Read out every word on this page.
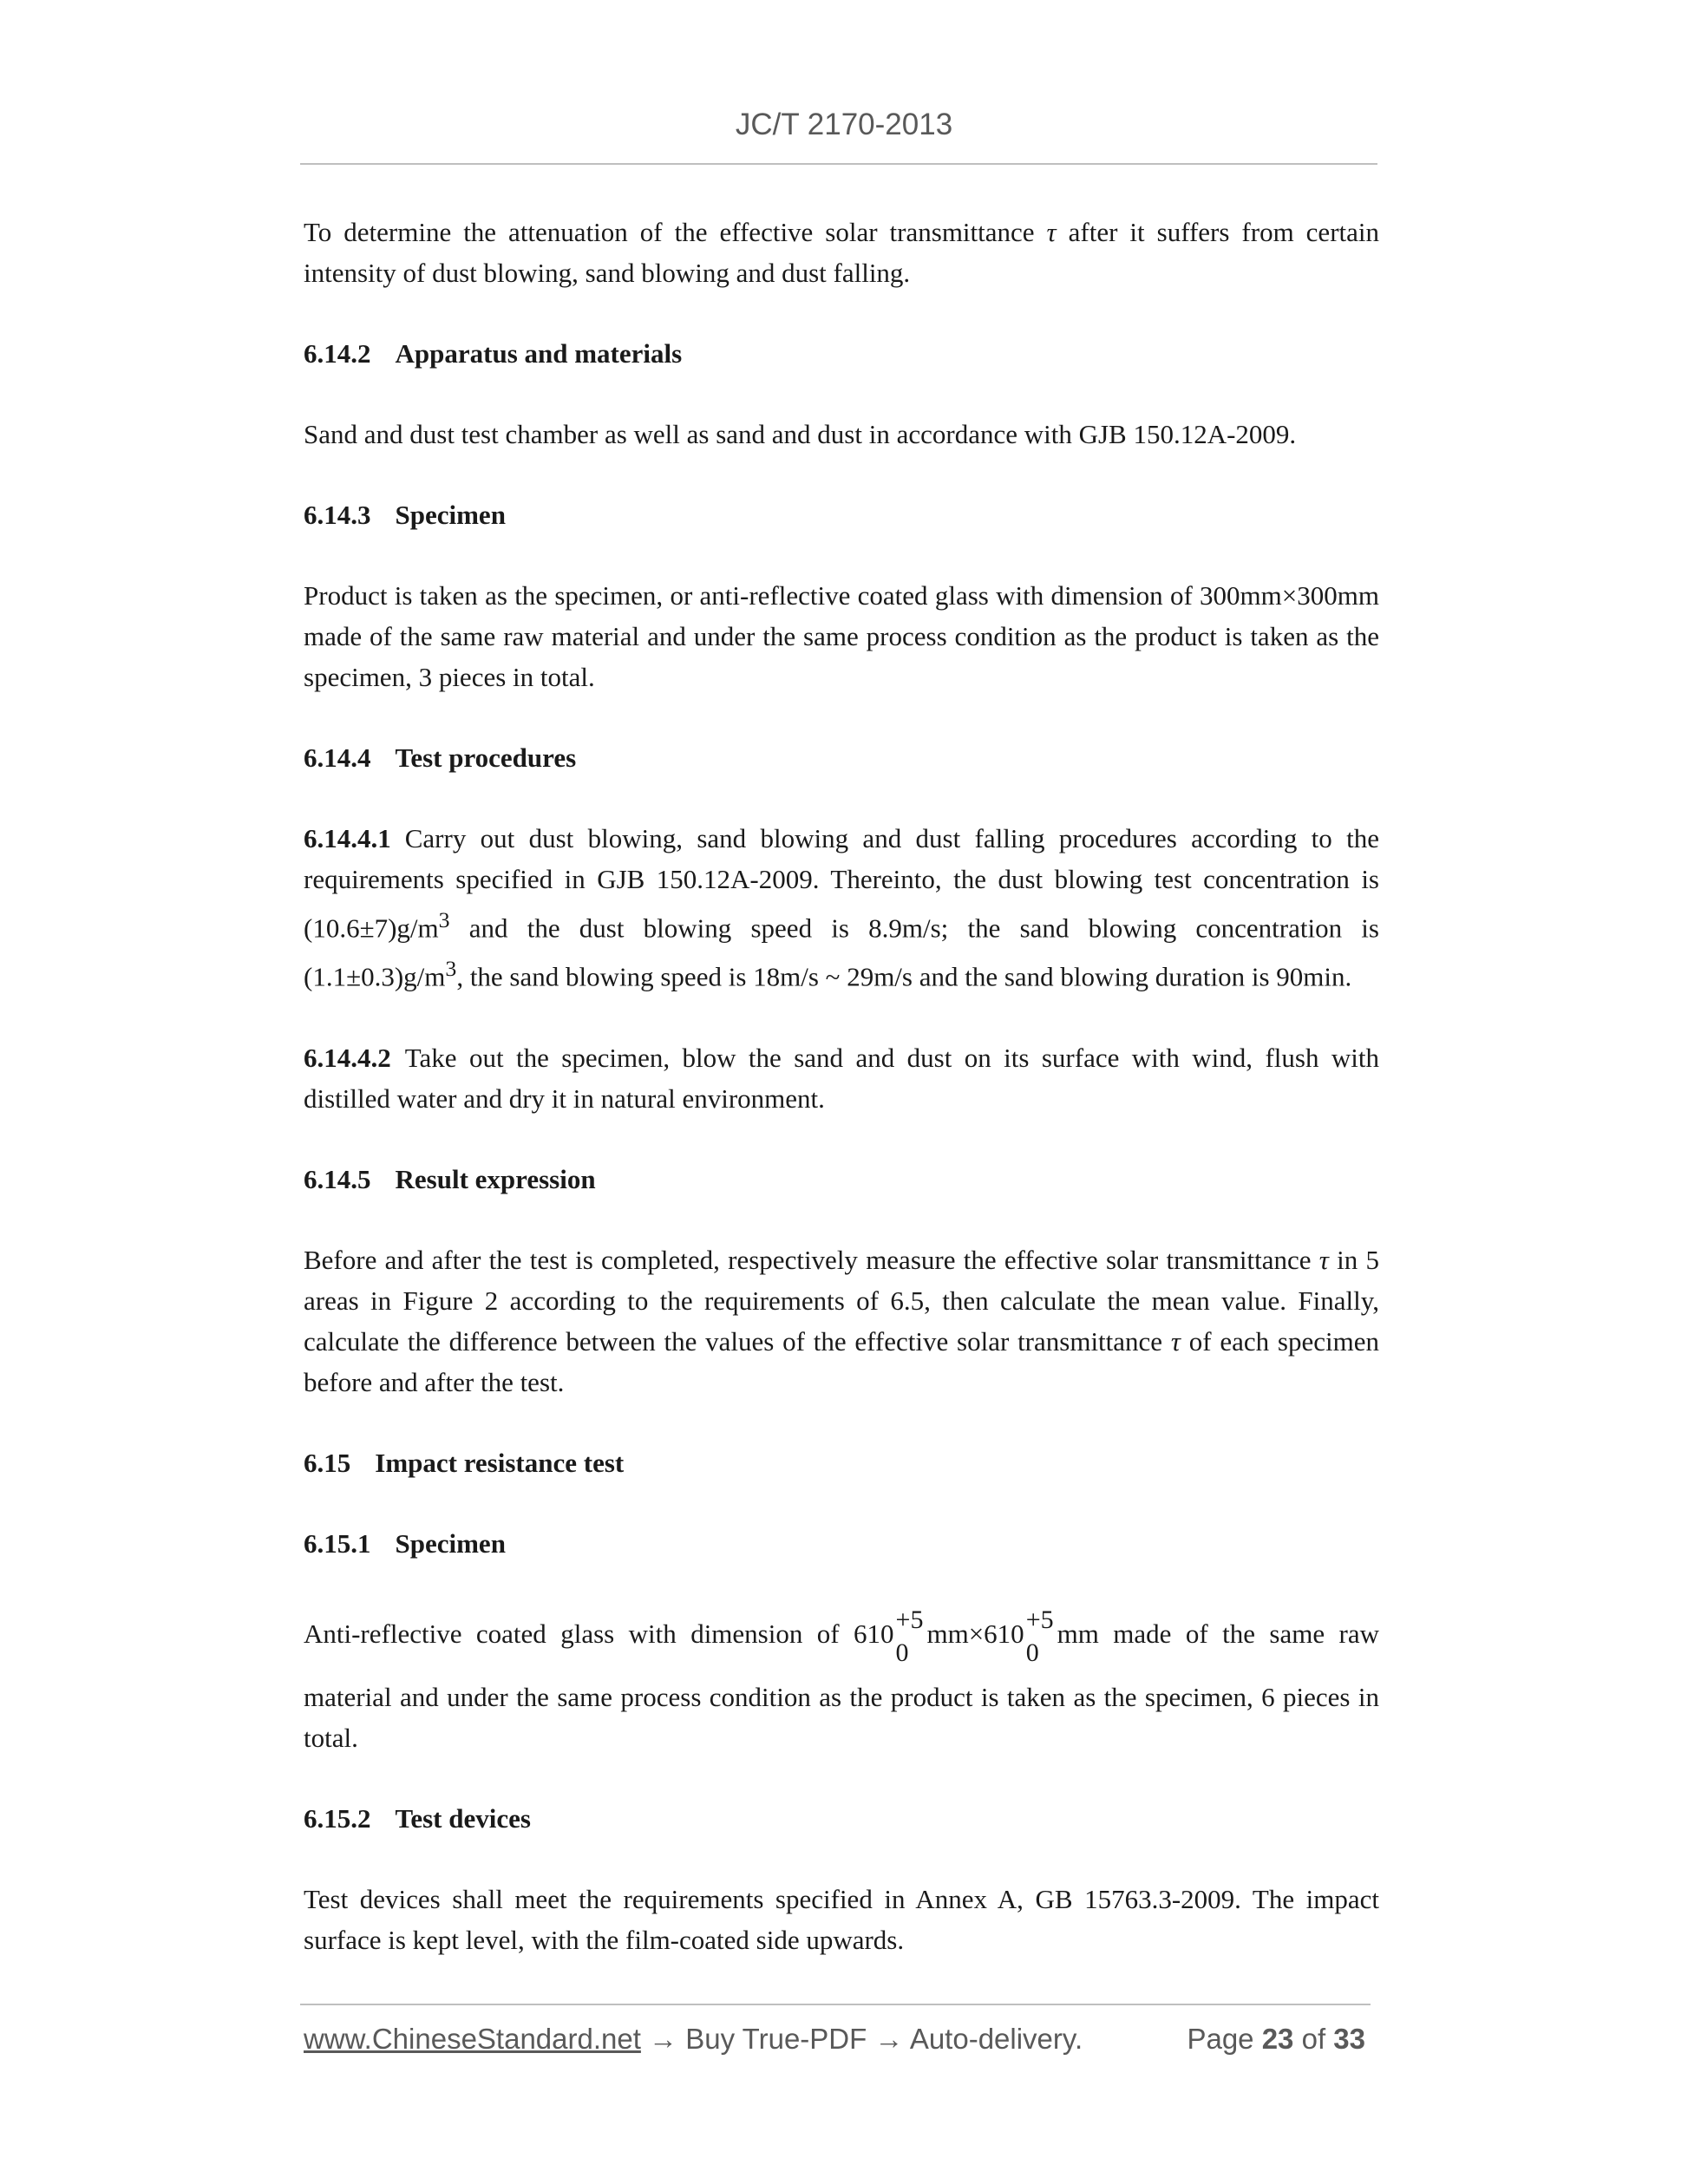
JC/T 2170-2013

To determine the attenuation of the effective solar transmittance τ after it suffers from certain intensity of dust blowing, sand blowing and dust falling.

6.14.2 Apparatus and materials

Sand and dust test chamber as well as sand and dust in accordance with GJB 150.12A-2009.

6.14.3 Specimen

Product is taken as the specimen, or anti-reflective coated glass with dimension of 300mm×300mm made of the same raw material and under the same process condition as the product is taken as the specimen, 3 pieces in total.

6.14.4 Test procedures

6.14.4.1 Carry out dust blowing, sand blowing and dust falling procedures according to the requirements specified in GJB 150.12A-2009. Thereinto, the dust blowing test concentration is $(10.6\pm 7)g/m^3$ and the dust blowing speed is 8.9m/s; the sand blowing concentration is $(1.1\pm 0.3)g/m^3$, the sand blowing speed is 18m/s ~ 29m/s and the sand blowing duration is 90min.

6.14.4.2 Take out the specimen, blow the sand and dust on its surface with wind, flush with distilled water and dry it in natural environment.

6.14.5 Result expression

Before and after the test is completed, respectively measure the effective solar transmittance τ in 5 areas in Figure 2 according to the requirements of 6.5, then calculate the mean value. Finally, calculate the difference between the values of the effective solar transmittance τ of each specimen before and after the test.

6.15 Impact resistance test
6.15.1 Specimen

Anti-reflective coated glass with dimension of 610 +5
0
mm×610 +5
0
mm made of the same raw

material and under the same process condition as the product is taken as the specimen, 6 pieces in total.

6.15.2 Test devices

Test devices shall meet the requirements specified in Annex A, GB 15763.3-2009. The impact surface is kept level, with the film-coated side upwards.

www.ChineseStandard.net → Buy True-PDF → Auto-delivery.	Page 23 of 33
